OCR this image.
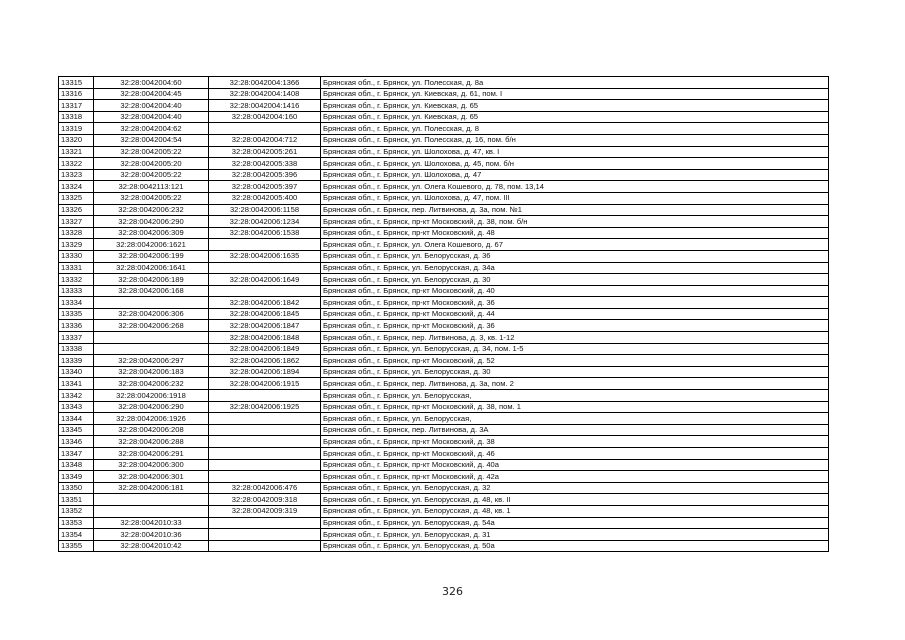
13315	32:28:0042004:60	32:28:0042004:1366	Брянская обл., г. Брянск, ул. Полесская, д. 8а
13316	32:28:0042004:45	32:28:0042004:1408	Брянская обл., г. Брянск, ул. Киевская, д. 61, пом. I
13317	32:28:0042004:40	32:28:0042004:1416	Брянская обл., г. Брянск, ул. Киевская, д. 65
13318	32:28:0042004:40	32:28:0042004:160	Брянская обл., г. Брянск, ул. Киевская, д. 65
13319	32:28:0042004:62		Брянская обл., г. Брянск, ул. Полесская, д. 8
13320	32:28:0042004:54	32:28:0042004:712	Брянская обл., г. Брянск, ул. Полесская, д. 16, пом. б/н
13321	32:28:0042005:22	32:28:0042005:261	Брянская обл., г. Брянск, ул. Шолохова, д. 47, кв. I
13322	32:28:0042005:20	32:28:0042005:338	Брянская обл., г. Брянск, ул. Шолохова, д. 45, пом. б/н
13323	32:28:0042005:22	32:28:0042005:396	Брянская обл., г. Брянск, ул. Шолохова, д. 47
13324	32:28:0042113:121	32:28:0042005:397	Брянская обл., г. Брянск, ул. Олега Кошевого, д. 78, пом. 13,14
13325	32:28:0042005:22	32:28:0042005:400	Брянская обл., г. Брянск, ул. Шолохова, д. 47, пом. III
13326	32:28:0042006:232	32:28:0042006:1158	Брянская обл., г. Брянск, пер. Литвинова, д. 3а, пом. №1
13327	32:28:0042006:290	32:28:0042006:1234	Брянская обл., г. Брянск, пр-кт Московский, д. 38, пом. б/н
13328	32:28:0042006:309	32:28:0042006:1538	Брянская обл., г. Брянск, пр-кт Московский, д. 48
13329	32:28:0042006:1621		Брянская обл., г. Брянск, ул. Олега Кошевого, д. 67
13330	32:28:0042006:199	32:28:0042006:1635	Брянская обл., г. Брянск, ул. Белорусская, д. 36
13331	32:28:0042006:1641		Брянская обл., г. Брянск, ул. Белорусская, д. 34а
13332	32:28:0042006:189	32:28:0042006:1649	Брянская обл., г. Брянск, ул. Белорусская, д. 30
13333	32:28:0042006:168		Брянская обл., г. Брянск, пр-кт Московский, д. 40
13334		32:28:0042006:1842	Брянская обл., г. Брянск, пр-кт Московский, д. 36
13335	32:28:0042006:306	32:28:0042006:1845	Брянская обл., г. Брянск, пр-кт Московский, д. 44
13336	32:28:0042006:268	32:28:0042006:1847	Брянская обл., г. Брянск, пр-кт Московский, д. 36
13337		32:28:0042006:1848	Брянская обл., г. Брянск, пер. Литвинова, д. 3, кв. 1-12
13338		32:28:0042006:1849	Брянская обл., г. Брянск, ул. Белорусская, д. 34, пом. 1-5
13339	32:28:0042006:297	32:28:0042006:1862	Брянская обл., г. Брянск, пр-кт Московский, д. 52
13340	32:28:0042006:183	32:28:0042006:1894	Брянская обл., г. Брянск, ул. Белорусская, д. 30
13341	32:28:0042006:232	32:28:0042006:1915	Брянская обл., г. Брянск, пер. Литвинова, д. 3а, пом. 2
13342	32:28:0042006:1918		Брянская обл., г. Брянск, ул. Белорусская,
13343	32:28:0042006:290	32:28:0042006:1925	Брянская обл., г. Брянск, пр-кт Московский, д. 38, пом. 1
13344	32:28:0042006:1926		Брянская обл., г. Брянск, ул. Белорусская,
13345	32:28:0042006:208		Брянская обл., г. Брянск, пер. Литвинова, д. 3А
13346	32:28:0042006:288		Брянская обл., г. Брянск, пр-кт Московский, д. 38
13347	32:28:0042006:291		Брянская обл., г. Брянск, пр-кт Московский, д. 46
13348	32:28:0042006:300		Брянская обл., г. Брянск, пр-кт Московский, д. 40а
13349	32:28:0042006:301		Брянская обл., г. Брянск, пр-кт Московский, д. 42а
13350	32:28:0042006:181	32:28:0042006:476	Брянская обл., г. Брянск, ул. Белорусская, д. 32
13351		32:28:0042009:318	Брянская обл., г. Брянск, ул. Белорусская, д. 48, кв. II
13352		32:28:0042009:319	Брянская обл., г. Брянск, ул. Белорусская, д. 48, кв. 1
13353	32:28:0042010:33		Брянская обл., г. Брянск, ул. Белорусская, д. 54а
13354	32:28:0042010:36		Брянская обл., г. Брянск, ул. Белорусская, д. 31
13355	32:28:0042010:42		Брянская обл., г. Брянск, ул. Белорусская, д. 50а
326
